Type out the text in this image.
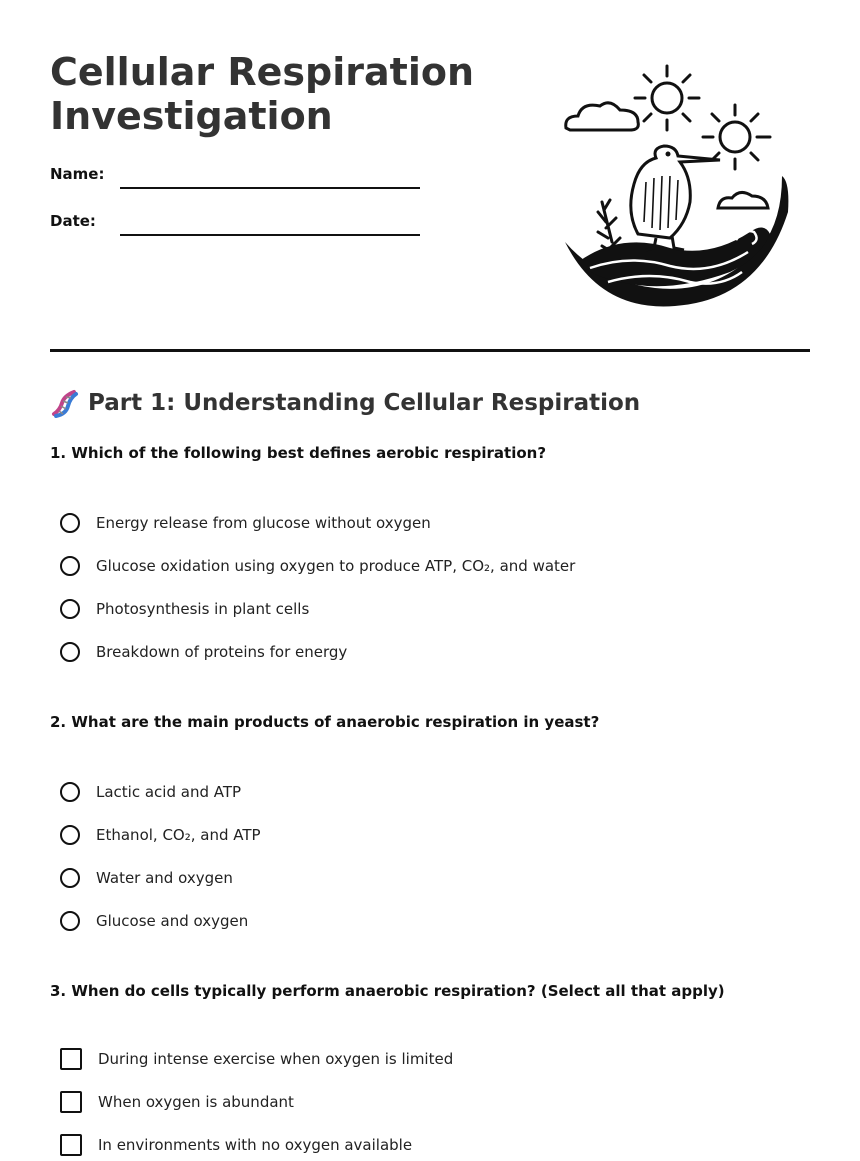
Cellular Respiration
Investigation
Name:
Date:
Part 1: Understanding Cellular Respiration

1. Which of the following best defines aerobic respiration?

Energy release from glucose without oxygen
Glucose oxidation using oxygen to produce ATP, CO₂, and water
Photosynthesis in plant cells
Breakdown of proteins for energy

2. What are the main products of anaerobic respiration in yeast?

Lactic acid and ATP
Ethanol, CO₂, and ATP
Water and oxygen
Glucose and oxygen

3. When do cells typically perform anaerobic respiration? (Select all that apply)

During intense exercise when oxygen is limited
When oxygen is abundant
In environments with no oxygen available
